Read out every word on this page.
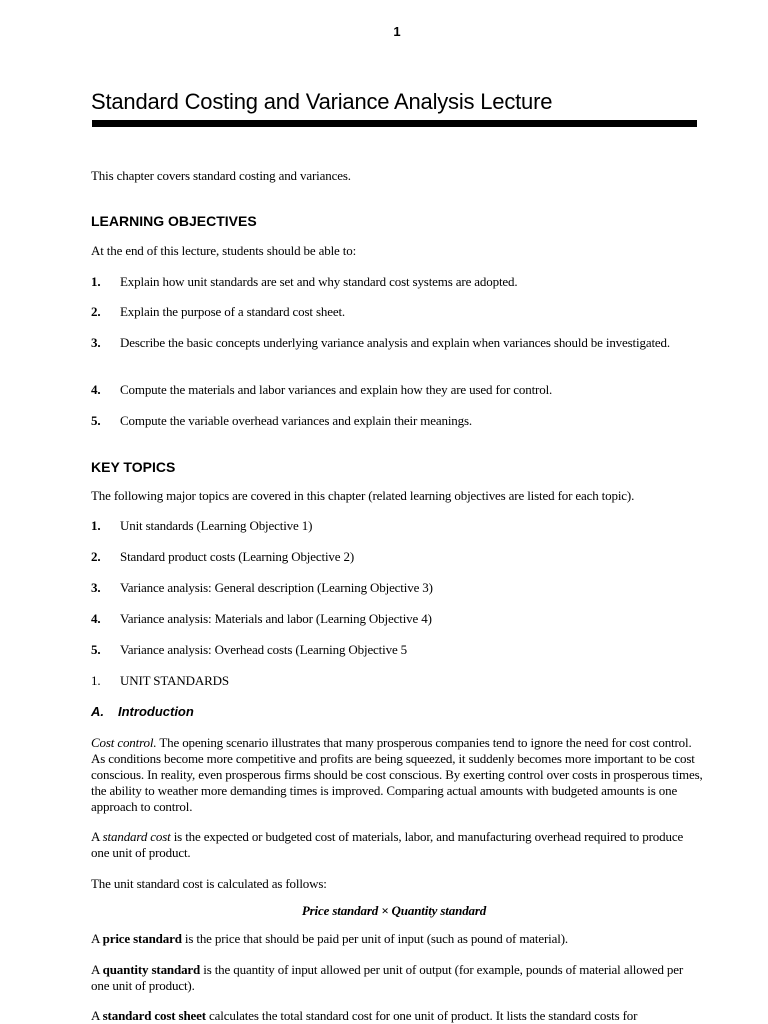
1
Standard Costing and Variance Analysis Lecture

This chapter covers standard costing and variances.

LEARNING OBJECTIVES

At the end of this lecture, students should be able to:

1.	Explain how unit standards are set and why standard cost systems are adopted.
2.	Explain the purpose of a standard cost sheet.
3.	Describe the basic concepts underlying variance analysis and explain when variances should be investigated.
4.	Compute the materials and labor variances and explain how they are used for control.
5.	Compute the variable overhead variances and explain their meanings.
KEY TOPICS

The following major topics are covered in this chapter (related learning objectives are listed for each topic).

1.	Unit standards (Learning Objective 1)
2.	Standard product costs (Learning Objective 2)
3.	Variance analysis: General description (Learning Objective 3)
4.	Variance analysis: Materials and labor (Learning Objective 4)
5.	Variance analysis: Overhead costs (Learning Objective 5
1.	UNIT STANDARDS
A. Introduction

Cost control. The opening scenario illustrates that many prosperous companies tend to ignore the need for cost control. As conditions become more competitive and profits are being squeezed, it suddenly becomes more important to be cost conscious. In reality, even prosperous firms should be cost conscious. By exerting control over costs in prosperous times, the ability to weather more demanding times is improved. Comparing actual amounts with budgeted amounts is one approach to control.

A standard cost is the expected or budgeted cost of materials, labor, and manufacturing overhead required to produce one unit of product.

The unit standard cost is calculated as follows:

Price standard × Quantity standard

A price standard is the price that should be paid per unit of input (such as pound of material).

A quantity standard is the quantity of input allowed per unit of output (for example, pounds of material allowed per one unit of product).

A standard cost sheet calculates the total standard cost for one unit of product. It lists the standard costs for
